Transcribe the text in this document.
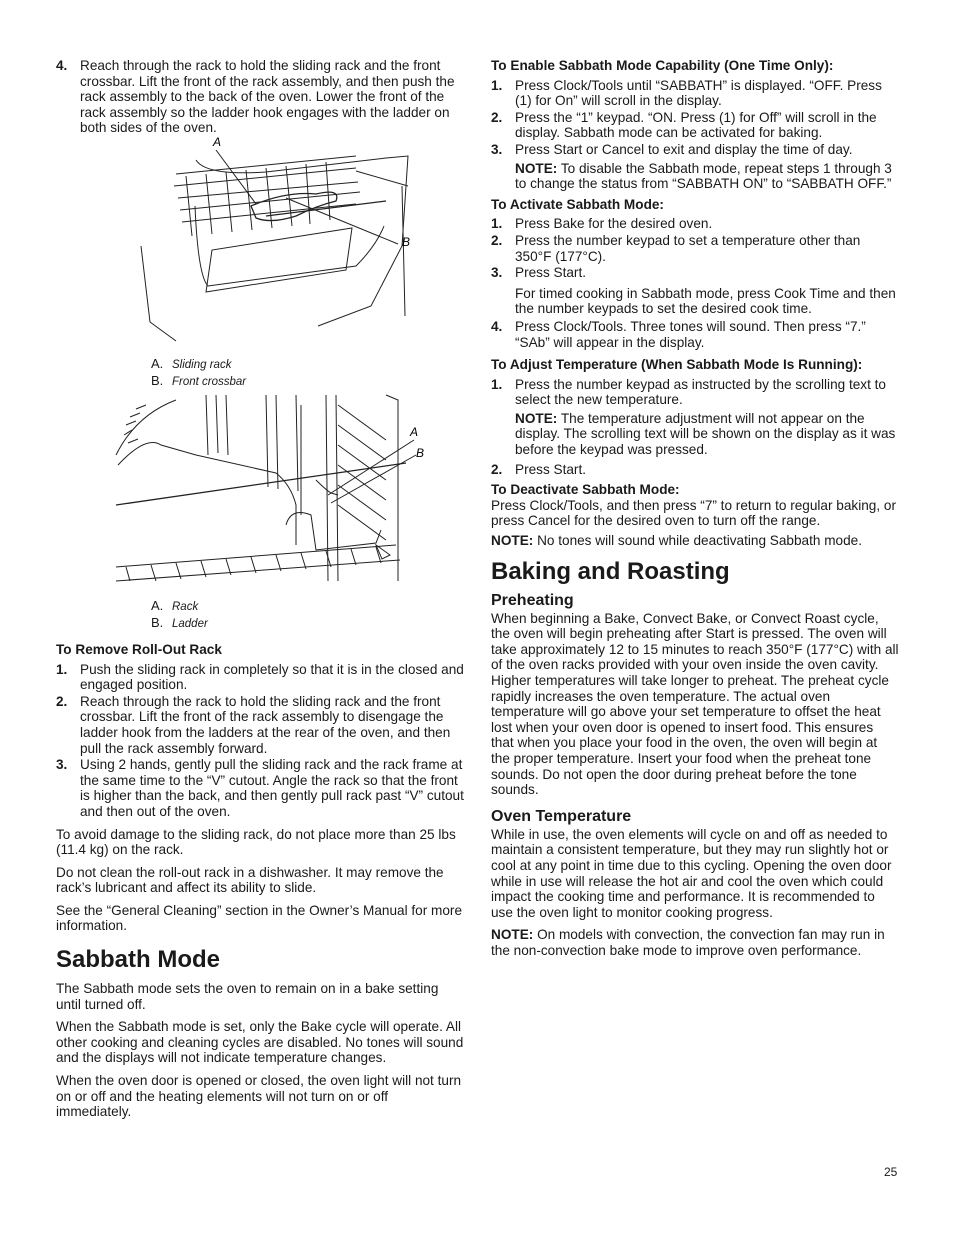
4. Reach through the rack to hold the sliding rack and the front crossbar. Lift the front of the rack assembly, and then push the rack assembly to the back of the oven. Lower the front of the rack assembly so the ladder hook engages with the ladder on both sides of the oven.
A
B
A. Sliding rack
B. Front crossbar
A
B
A. Rack
B. Ladder
To Remove Roll-Out Rack
1. Push the sliding rack in completely so that it is in the closed and engaged position.
2. Reach through the rack to hold the sliding rack and the front crossbar. Lift the front of the rack assembly to disengage the ladder hook from the ladders at the rear of the oven, and then pull the rack assembly forward.
3. Using 2 hands, gently pull the sliding rack and the rack frame at the same time to the “V” cutout. Angle the rack so that the front is higher than the back, and then gently pull rack past “V” cutout and then out of the oven.

To avoid damage to the sliding rack, do not place more than 25 lbs (11.4 kg) on the rack.

Do not clean the roll-out rack in a dishwasher. It may remove the rack’s lubricant and affect its ability to slide.

See the “General Cleaning” section in the Owner’s Manual for more information.

Sabbath Mode

The Sabbath mode sets the oven to remain on in a bake setting until turned off.

When the Sabbath mode is set, only the Bake cycle will operate. All other cooking and cleaning cycles are disabled. No tones will sound and the displays will not indicate temperature changes.

When the oven door is opened or closed, the oven light will not turn on or off and the heating elements will not turn on or off immediately.

To Enable Sabbath Mode Capability (One Time Only):
1. Press Clock/Tools until “SABBATH” is displayed. “OFF. Press (1) for On” will scroll in the display.
2. Press the “1” keypad. “ON. Press (1) for Off” will scroll in the display. Sabbath mode can be activated for baking.
3. Press Start or Cancel to exit and display the time of day.
NOTE: To disable the Sabbath mode, repeat steps 1 through 3 to change the status from “SABBATH ON” to “SABBATH OFF.”
To Activate Sabbath Mode:
1. Press Bake for the desired oven.
2. Press the number keypad to set a temperature other than 350°F (177°C).
3. Press Start.
For timed cooking in Sabbath mode, press Cook Time and then the number keypads to set the desired cook time.
4. Press Clock/Tools. Three tones will sound. Then press “7.” “SAb” will appear in the display.
To Adjust Temperature (When Sabbath Mode Is Running):
1. Press the number keypad as instructed by the scrolling text to select the new temperature.
NOTE: The temperature adjustment will not appear on the display. The scrolling text will be shown on the display as it was before the keypad was pressed.
2. Press Start.
To Deactivate Sabbath Mode:

Press Clock/Tools, and then press “7” to return to regular baking, or press Cancel for the desired oven to turn off the range.

NOTE: No tones will sound while deactivating Sabbath mode.

Baking and Roasting
Preheating

When beginning a Bake, Convect Bake, or Convect Roast cycle, the oven will begin preheating after Start is pressed. The oven will take approximately 12 to 15 minutes to reach 350°F (177°C) with all of the oven racks provided with your oven inside the oven cavity. Higher temperatures will take longer to preheat. The preheat cycle rapidly increases the oven temperature. The actual oven temperature will go above your set temperature to offset the heat lost when your oven door is opened to insert food. This ensures that when you place your food in the oven, the oven will begin at the proper temperature. Insert your food when the preheat tone sounds. Do not open the door during preheat before the tone sounds.

Oven Temperature

While in use, the oven elements will cycle on and off as needed to maintain a consistent temperature, but they may run slightly hot or cool at any point in time due to this cycling. Opening the oven door while in use will release the hot air and cool the oven which could impact the cooking time and performance. It is recommended to use the oven light to monitor cooking progress.

NOTE: On models with convection, the convection fan may run in the non-convection bake mode to improve oven performance.

25
